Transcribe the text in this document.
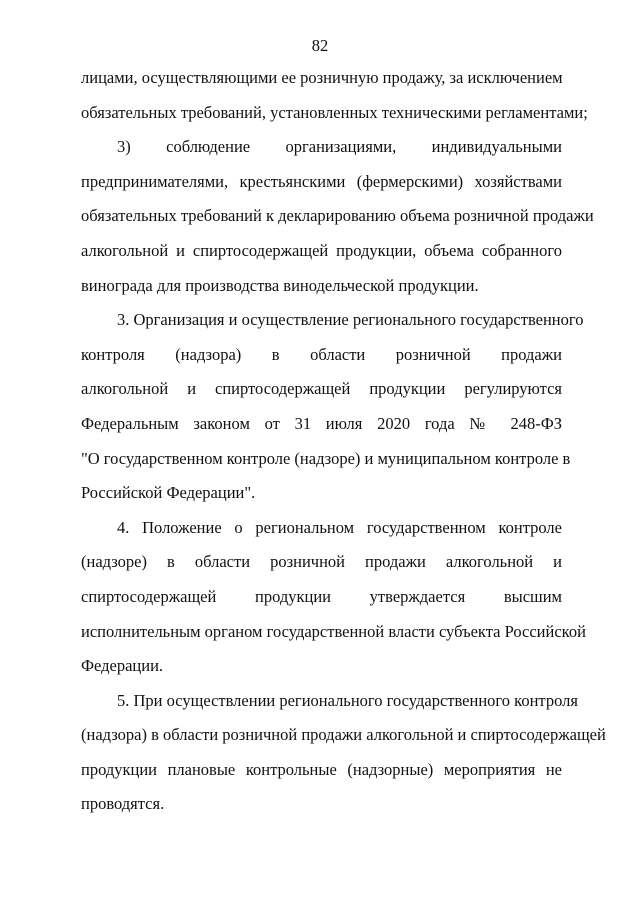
82
лицами, осуществляющими ее розничную продажу, за исключением
обязательных требований, установленных техническими регламентами;
3) соблюдение организациями, индивидуальными
предпринимателями, крестьянскими (фермерскими) хозяйствами
обязательных требований к декларированию объема розничной продажи
алкогольной и спиртосодержащей продукции, объема собранного
винограда для производства винодельческой продукции.
3. Организация и осуществление регионального государственного
контроля (надзора) в области розничной продажи
алкогольной и спиртосодержащей продукции регулируются
Федеральным законом от 31 июля 2020 года № 248-ФЗ
"О государственном контроле (надзоре) и муниципальном контроле в
Российской Федерации".
4. Положение о региональном государственном контроле
(надзоре) в области розничной продажи алкогольной и
спиртосодержащей продукции утверждается высшим
исполнительным органом государственной власти субъекта Российской
Федерации.
5. При осуществлении регионального государственного контроля
(надзора) в области розничной продажи алкогольной и спиртосодержащей
продукции плановые контрольные (надзорные) мероприятия не
проводятся.
